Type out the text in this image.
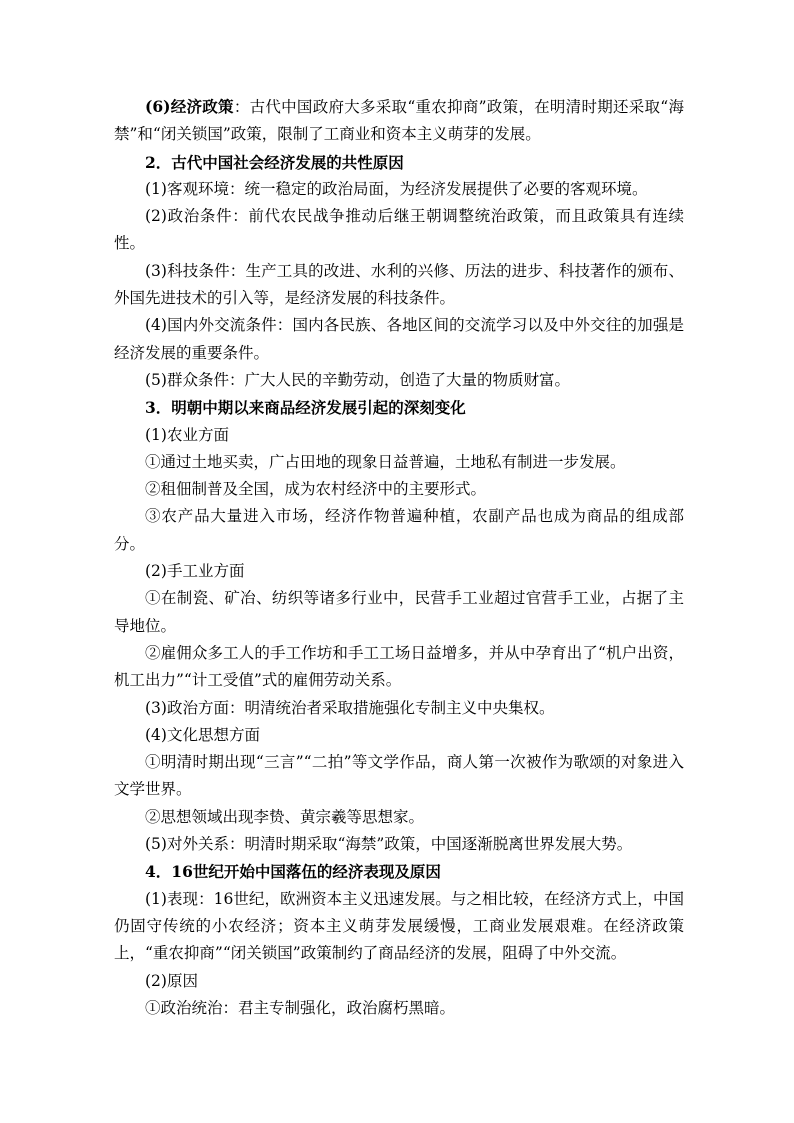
(6)经济政策：古代中国政府大多采取“重农抑商”政策，在明清时期还采取“海禁”和“闭关锁国”政策，限制了工商业和资本主义萌芽的发展。

2．古代中国社会经济发展的共性原因

(1)客观环境：统一稳定的政治局面，为经济发展提供了必要的客观环境。

(2)政治条件：前代农民战争推动后继王朝调整统治政策，而且政策具有连续性。

(3)科技条件：生产工具的改进、水利的兴修、历法的进步、科技著作的颁布、外国先进技术的引入等，是经济发展的科技条件。

(4)国内外交流条件：国内各民族、各地区间的交流学习以及中外交往的加强是经济发展的重要条件。

(5)群众条件：广大人民的辛勤劳动，创造了大量的物质财富。

3．明朝中期以来商品经济发展引起的深刻变化

(1)农业方面

①通过土地买卖，广占田地的现象日益普遍，土地私有制进一步发展。

②租佃制普及全国，成为农村经济中的主要形式。

③农产品大量进入市场，经济作物普遍种植，农副产品也成为商品的组成部分。

(2)手工业方面

①在制瓷、矿冶、纺织等诸多行业中，民营手工业超过官营手工业，占据了主导地位。

②雇佣众多工人的手工作坊和手工工场日益增多，并从中孕育出了“机户出资，机工出力”“计工受值”式的雇佣劳动关系。

(3)政治方面：明清统治者采取措施强化专制主义中央集权。

(4)文化思想方面

①明清时期出现“三言”“二拍”等文学作品，商人第一次被作为歌颂的对象进入文学世界。

②思想领域出现李贽、黄宗羲等思想家。

(5)对外关系：明清时期采取“海禁”政策，中国逐渐脱离世界发展大势。

4．16世纪开始中国落伍的经济表现及原因

(1)表现：16世纪，欧洲资本主义迅速发展。与之相比较，在经济方式上，中国仍固守传统的小农经济；资本主义萌芽发展缓慢，工商业发展艰难。在经济政策上，“重农抑商”“闭关锁国”政策制约了商品经济的发展，阻碍了中外交流。

(2)原因

①政治统治：君主专制强化，政治腐朽黑暗。
